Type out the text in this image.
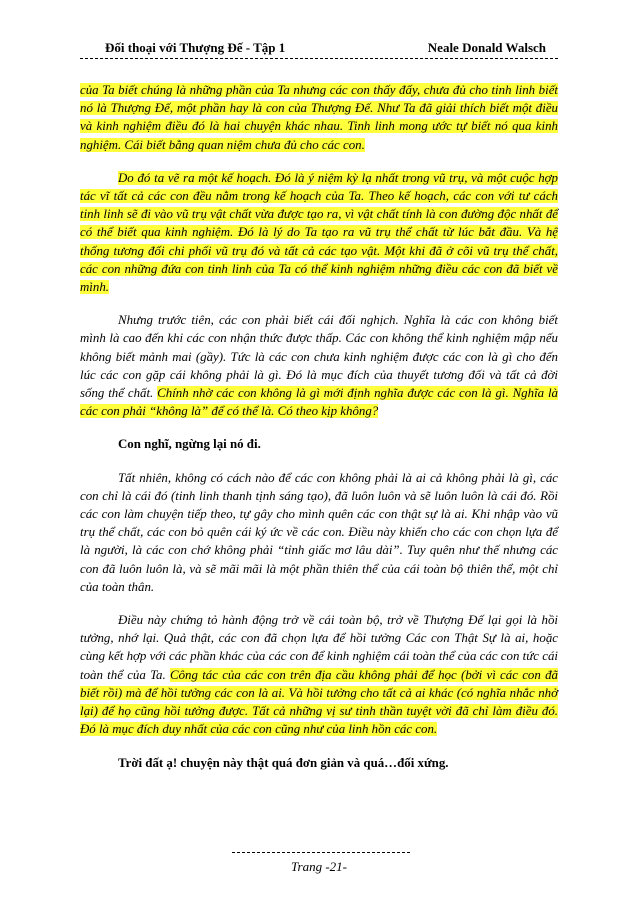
Đối thoại với Thượng Đế - Tập 1	Neale Donald Walsch

của Ta biết chúng là những phần của Ta nhưng các con thấy đấy, chưa đủ cho tinh linh biết nó là Thượng Đế, một phần hay là con của Thượng Đế. Như Ta đã giải thích biết một điều và kinh nghiệm điều đó là hai chuyện khác nhau. Tinh linh mong ước tự biết nó qua kinh nghiệm. Cái biết bằng quan niệm chưa đủ cho các con.

Do đó ta vẽ ra một kế hoạch. Đó là ý niệm kỳ lạ nhất trong vũ trụ, và một cuộc hợp tác vĩ tất cả các con đều nằm trong kế hoạch của Ta. Theo kế hoạch, các con với tư cách tinh linh sẽ đi vào vũ trụ vật chất vừa được tạo ra, vì vật chất tính là con đường độc nhất để có thể biết qua kinh nghiệm. Đó là lý do Ta tạo ra vũ trụ thể chất từ lúc bắt đầu. Và hệ thống tương đối chi phối vũ trụ đó và tất cả các tạo vật. Một khi đã ở cõi vũ trụ thể chất, các con những đứa con tinh linh của Ta có thể kinh nghiệm những điều các con đã biết về mình.

Nhưng trước tiên, các con phải biết cái đối nghịch. Nghĩa là các con không biết mình là cao đến khi các con nhận thức được thấp. Các con không thể kinh nghiệm mập nếu không biết mảnh mai (gầy). Tức là các con chưa kinh nghiệm được các con là gì cho đến lúc các con gặp cái không phải là gì. Đó là mục đích của thuyết tương đối và tất cả đời sống thể chất. Chính nhờ các con không là gì mới định nghĩa được các con là gì. Nghĩa là các con phải “không là” để có thể là. Có theo kịp không?

Con nghĩ, ngừng lại nó đi.

Tất nhiên, không có cách nào để các con không phải là ai cả không phải là gì, các con chỉ là cái đó (tinh linh thanh tịnh sáng tạo), đã luôn luôn và sẽ luôn luôn là cái đó. Rồi các con làm chuyện tiếp theo, tự gây cho mình quên các con thật sự là ai. Khi nhập vào vũ trụ thể chất, các con bỏ quên cái ký ức về các con. Điều này khiến cho các con chọn lựa để là người, là các con chớ không phải “tỉnh giấc mơ lâu dài”. Tuy quên như thế nhưng các con đã luôn luôn là, và sẽ mãi mãi là một phần thiên thể của cái toàn bộ thiên thể, một chỉ của toàn thân.

Điều này chứng tỏ hành động trở về cái toàn bộ, trở về Thượng Đế lại gọi là hồi tưởng, nhớ lại. Quả thật, các con đã chọn lựa để hồi tưởng Các con Thật Sự là ai, hoặc cùng kết hợp với các phần khác của các con để kinh nghiệm cái toàn thể của các con tức cái toàn thể của Ta. Công tác của các con trên địa cầu không phải để học (bởi vì các con đã biết rồi) mà để hồi tưởng các con là ai. Và hồi tưởng cho tất cả ai khác (có nghĩa nhắc nhở lại) để họ cũng hồi tưởng được. Tất cả những vị sư tinh thần tuyệt vời đã chỉ làm điều đó. Đó là mục đích duy nhất của các con cũng như của linh hồn các con.

Trời đất ạ! chuyện này thật quá đơn giản và quá…đối xứng.

Trang -21-
